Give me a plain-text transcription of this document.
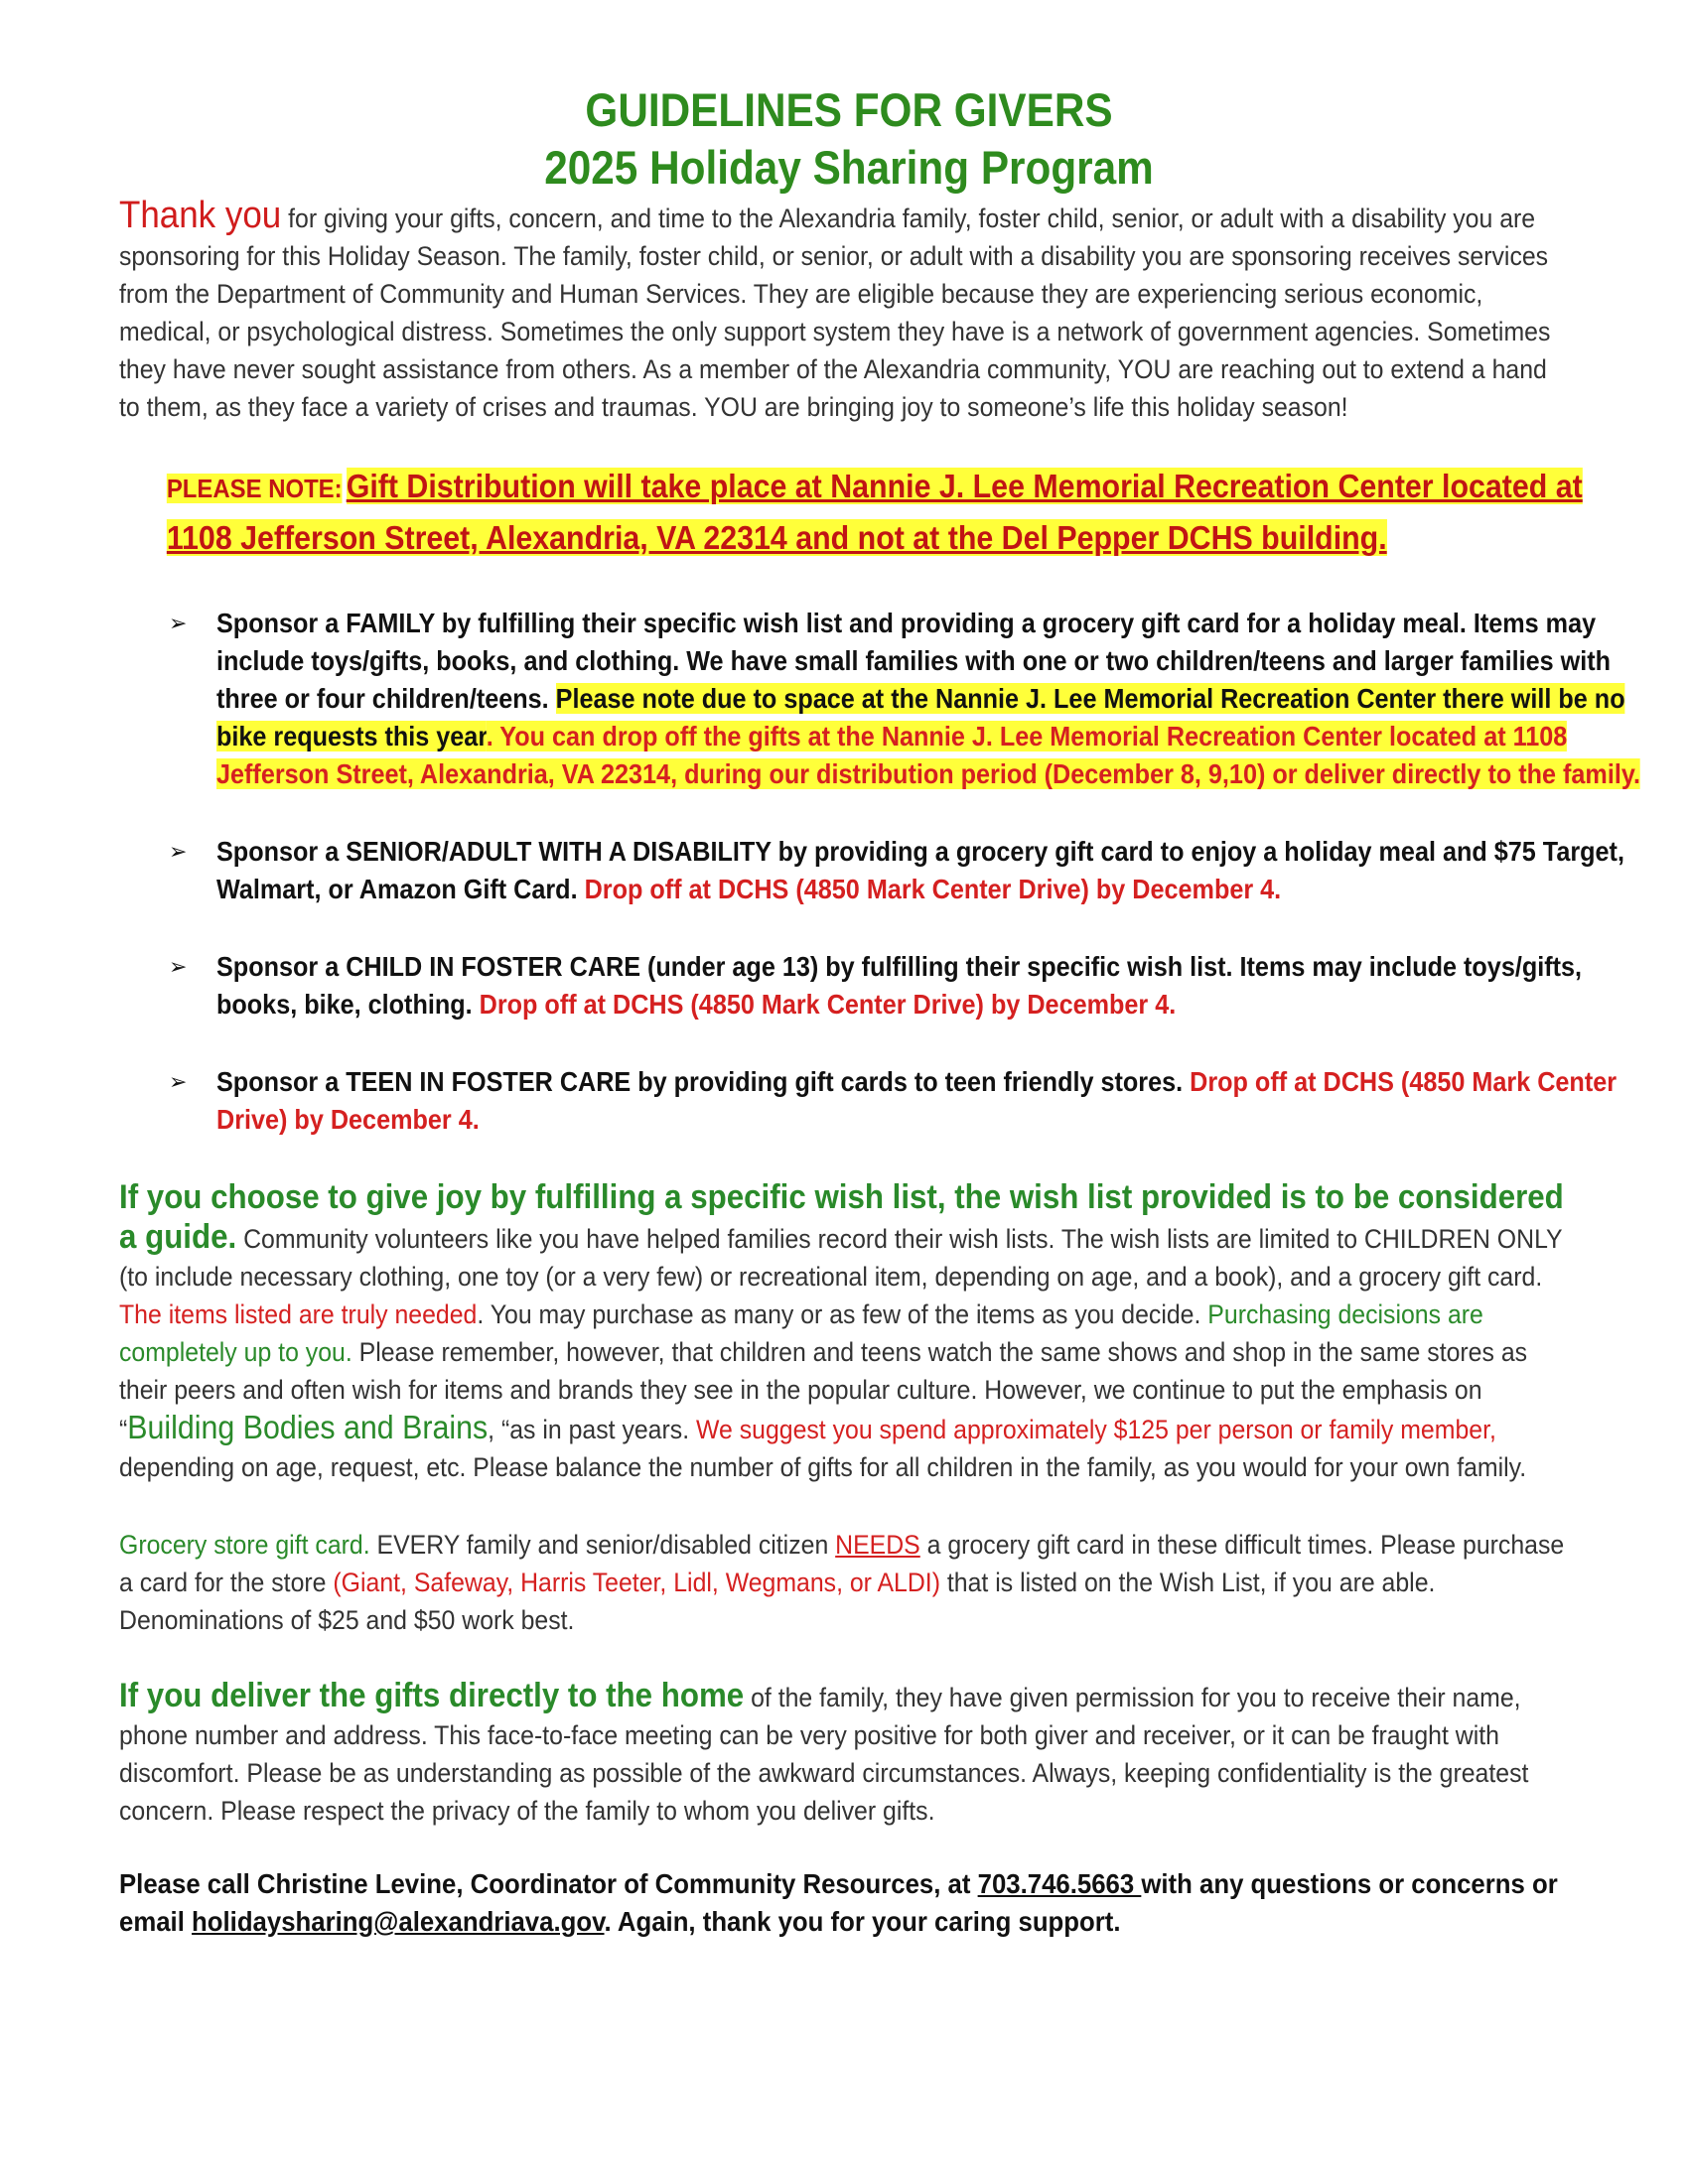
GUIDELINES FOR GIVERS
2025 Holiday Sharing Program
Thank you for giving your gifts, concern, and time to the Alexandria family, foster child, senior, or adult with a disability you are sponsoring for this Holiday Season. The family, foster child, or senior, or adult with a disability you are sponsoring receives services from the Department of Community and Human Services. They are eligible because they are experiencing serious economic, medical, or psychological distress. Sometimes the only support system they have is a network of government agencies. Sometimes they have never sought assistance from others. As a member of the Alexandria community, YOU are reaching out to extend a hand to them, as they face a variety of crises and traumas. YOU are bringing joy to someone’s life this holiday season!
PLEASE NOTE: Gift Distribution will take place at Nannie J. Lee Memorial Recreation Center located at 1108 Jefferson Street, Alexandria, VA 22314 and not at the Del Pepper DCHS building.
➢ Sponsor a FAMILY by fulfilling their specific wish list and providing a grocery gift card for a holiday meal. Items may include toys/gifts, books, and clothing. We have small families with one or two children/teens and larger families with three or four children/teens. Please note due to space at the Nannie J. Lee Memorial Recreation Center there will be no bike requests this year. You can drop off the gifts at the Nannie J. Lee Memorial Recreation Center located at 1108 Jefferson Street, Alexandria, VA 22314, during our distribution period (December 8, 9,10) or deliver directly to the family.
➢ Sponsor a SENIOR/ADULT WITH A DISABILITY by providing a grocery gift card to enjoy a holiday meal and $75 Target, Walmart, or Amazon Gift Card. Drop off at DCHS (4850 Mark Center Drive) by December 4.
➢ Sponsor a CHILD IN FOSTER CARE (under age 13) by fulfilling their specific wish list. Items may include toys/gifts, books, bike, clothing. Drop off at DCHS (4850 Mark Center Drive) by December 4.
➢ Sponsor a TEEN IN FOSTER CARE by providing gift cards to teen friendly stores. Drop off at DCHS (4850 Mark Center Drive) by December 4.
If you choose to give joy by fulfilling a specific wish list, the wish list provided is to be considered a guide. Community volunteers like you have helped families record their wish lists. The wish lists are limited to CHILDREN ONLY (to include necessary clothing, one toy (or a very few) or recreational item, depending on age, and a book), and a grocery gift card. The items listed are truly needed. You may purchase as many or as few of the items as you decide. Purchasing decisions are completely up to you. Please remember, however, that children and teens watch the same shows and shop in the same stores as their peers and often wish for items and brands they see in the popular culture. However, we continue to put the emphasis on “Building Bodies and Brains, “as in past years. We suggest you spend approximately $125 per person or family member, depending on age, request, etc. Please balance the number of gifts for all children in the family, as you would for your own family.
Grocery store gift card. EVERY family and senior/disabled citizen NEEDS a grocery gift card in these difficult times. Please purchase a card for the store (Giant, Safeway, Harris Teeter, Lidl, Wegmans, or ALDI) that is listed on the Wish List, if you are able. Denominations of $25 and $50 work best.
If you deliver the gifts directly to the home of the family, they have given permission for you to receive their name, phone number and address. This face-to-face meeting can be very positive for both giver and receiver, or it can be fraught with discomfort. Please be as understanding as possible of the awkward circumstances. Always, keeping confidentiality is the greatest concern. Please respect the privacy of the family to whom you deliver gifts.
Please call Christine Levine, Coordinator of Community Resources, at 703.746.5663 with any questions or concerns or email holidaysharing@alexandriava.gov. Again, thank you for your caring support.
